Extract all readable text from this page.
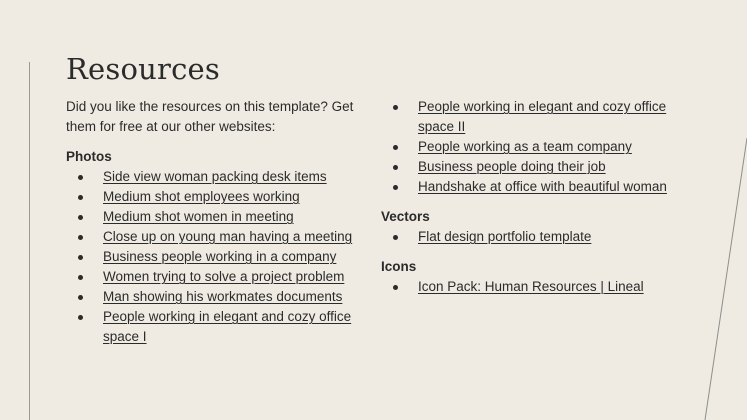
Resources

Did you like the resources on this template? Get them for free at our other websites:

Photos

Side view woman packing desk items
Medium shot employees working
Medium shot women in meeting
Close up on young man having a meeting
Business people working in a company
Women trying to solve a project problem
Man showing his workmates documents
People working in elegant and cozy office space I
People working in elegant and cozy office space II
People working as a team company
Business people doing their job
Handshake at office with beautiful woman

Vectors

Flat design portfolio template

Icons

Icon Pack: Human Resources | Lineal
